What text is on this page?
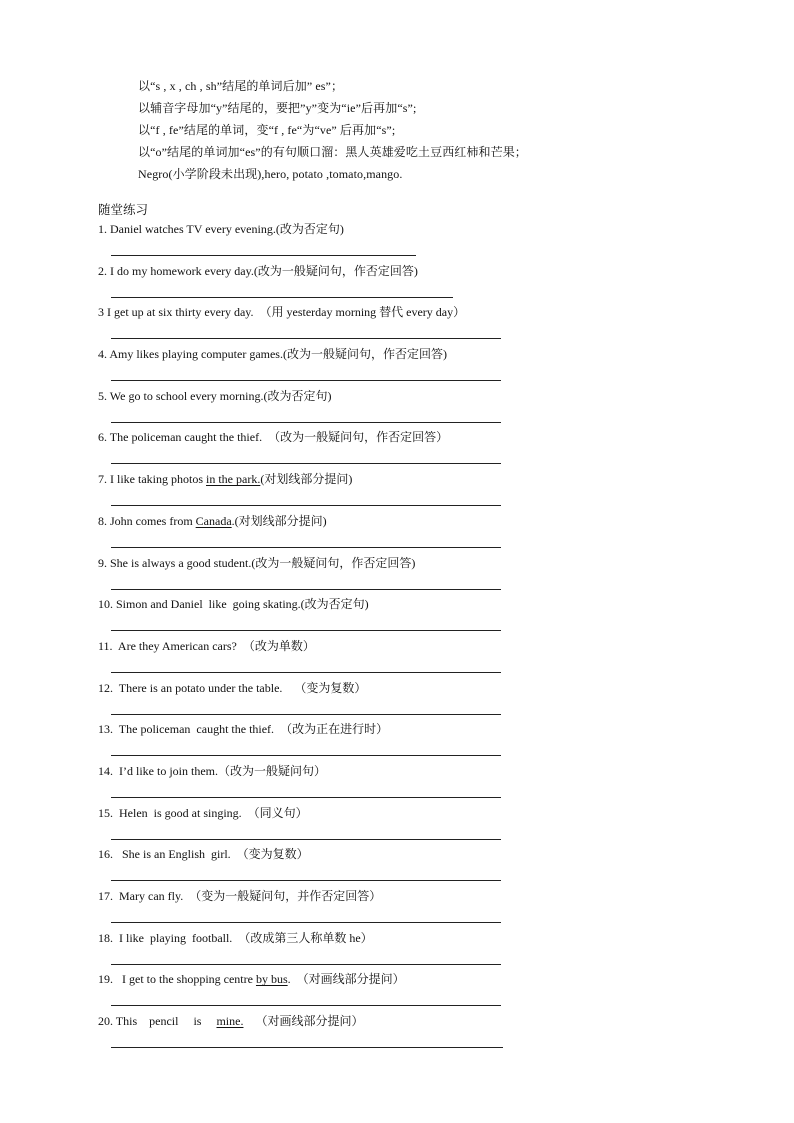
以“s , x , ch , sh”结尾的单词后加” es”；
以辅音字母加“y”结尾的，要把”y”变为“ie”后再加“s”;
以“f , fe”结尾的单词，变“f , fe“为“ve” 后再加“s”;
以“o”结尾的单词加“es”的有句顺口溜：黑人英雄爱吃土豆西红柿和芒果；
Negro(小学阶段未出现),hero, potato ,tomato,mango.
随堂练习
1. Daniel watches TV every evening.(改为否定句)
2. I do my homework every day.(改为一般疑问句，作否定回答)
3 I get up at six thirty every day.  （用 yesterday morning 替代 every day）
4. Amy likes playing computer games.(改为一般疑问句，作否定回答)
5. We go to school every morning.(改为否定句)
6. The policeman caught the thief.  （改为一般疑问句，作否定回答）
7. I like taking photos in the park.(对划线部分提问)
8. John comes from Canada.(对划线部分提问)
9. She is always a good student.(改为一般疑问句，作否定回答)
10. Simon and Daniel  like  going skating.(改为否定句)
11.  Are they American cars?  （改为单数）
12.  There is an potato under the table.    （变为复数）
13.  The policeman  caught the thief.  （改为正在进行时）
14.  I’d like to join them.（改为一般疑问句）
15.  Helen  is good at singing.  （同义句）
16.   She is an English  girl.  （变为复数）
17.  Mary can fly.  （变为一般疑问句，并作否定回答）
18.  I like  playing  football.  （改成第三人称单数 he）
19.   I get to the shopping centre by bus.  （对画线部分提问）
20. This    pencil     is     mine. （对画线部分提问）
